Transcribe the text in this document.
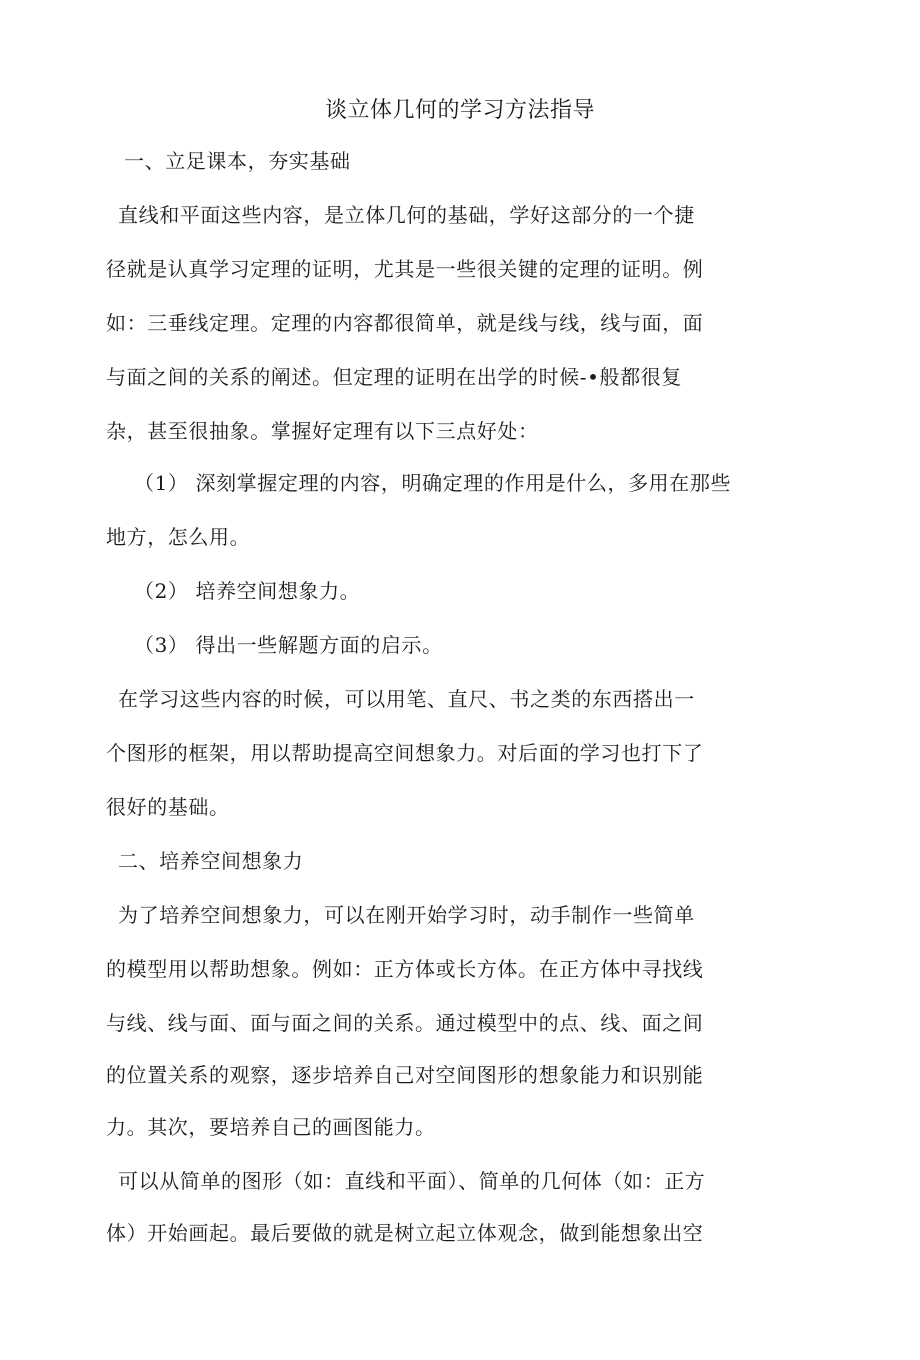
谈立体几何的学习方法指导
一、立足课本，夯实基础
直线和平面这些内容，是立体几何的基础，学好这部分的一个捷
径就是认真学习定理的证明，尤其是一些很关键的定理的证明。例
如：三垂线定理。定理的内容都很简单，就是线与线，线与面，面
与面之间的关系的阐述。但定理的证明在出学的时候-•般都很复
杂，甚至很抽象。掌握好定理有以下三点好处：
（1） 深刻掌握定理的内容，明确定理的作用是什么，多用在那些
地方，怎么用。
（2） 培养空间想象力。
（3） 得出一些解题方面的启示。
在学习这些内容的时候，可以用笔、直尺、书之类的东西搭出一
个图形的框架，用以帮助提高空间想象力。对后面的学习也打下了
很好的基础。
二、培养空间想象力
为了培养空间想象力，可以在刚开始学习时，动手制作一些简单
的模型用以帮助想象。例如：正方体或长方体。在正方体中寻找线
与线、线与面、面与面之间的关系。通过模型中的点、线、面之间
的位置关系的观察，逐步培养自己对空间图形的想象能力和识别能
力。其次，要培养自己的画图能力。
可以从简单的图形（如：直线和平面）、简单的几何体（如：正方
体）开始画起。最后要做的就是树立起立体观念，做到能想象出空
